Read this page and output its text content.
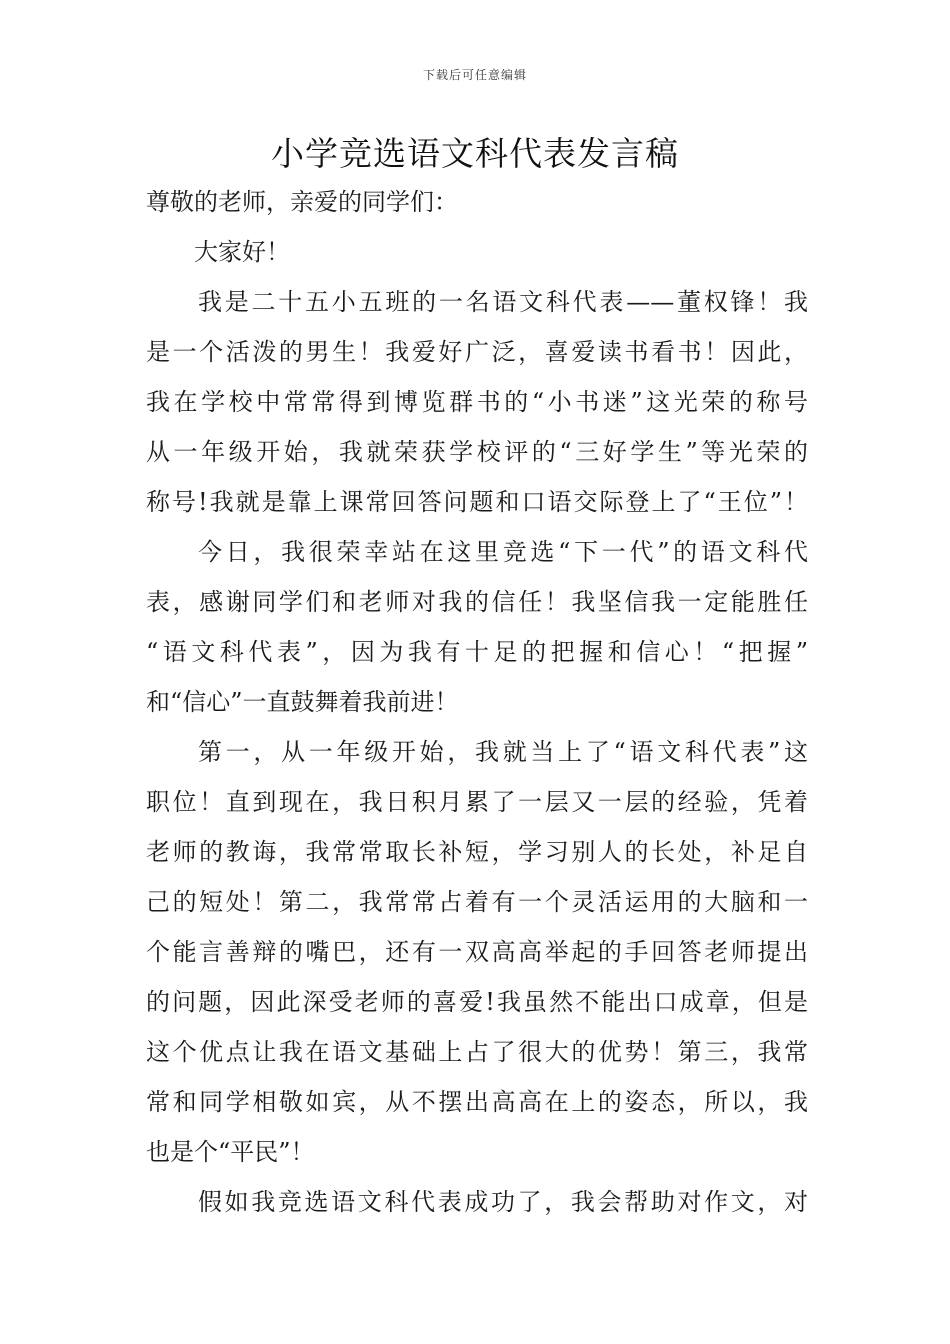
下载后可任意编辑
小学竞选语文科代表发言稿

尊敬的老师，亲爱的同学们：

大家好！

我是二十五小五班的一名语文科代表——董权锋！我
是一个活泼的男生！我爱好广泛，喜爱读书看书！因此，
我在学校中常常得到博览群书的“小书迷”这光荣的称号
从一年级开始，我就荣获学校评的“三好学生”等光荣的
称号!我就是靠上课常回答问题和口语交际登上了“王位”！

今日，我很荣幸站在这里竞选“下一代”的语文科代
表，感谢同学们和老师对我的信任！我坚信我一定能胜任
“语文科代表”，因为我有十足的把握和信心！“把握”
和“信心”一直鼓舞着我前进！

第一，从一年级开始，我就当上了“语文科代表”这
职位！直到现在，我日积月累了一层又一层的经验，凭着
老师的教诲，我常常取长补短，学习别人的长处，补足自
己的短处！第二，我常常占着有一个灵活运用的大脑和一
个能言善辩的嘴巴，还有一双高高举起的手回答老师提出
的问题，因此深受老师的喜爱!我虽然不能出口成章，但是
这个优点让我在语文基础上占了很大的优势！第三，我常
常和同学相敬如宾，从不摆出高高在上的姿态，所以，我
也是个“平民”！

假如我竞选语文科代表成功了，我会帮助对作文，对
